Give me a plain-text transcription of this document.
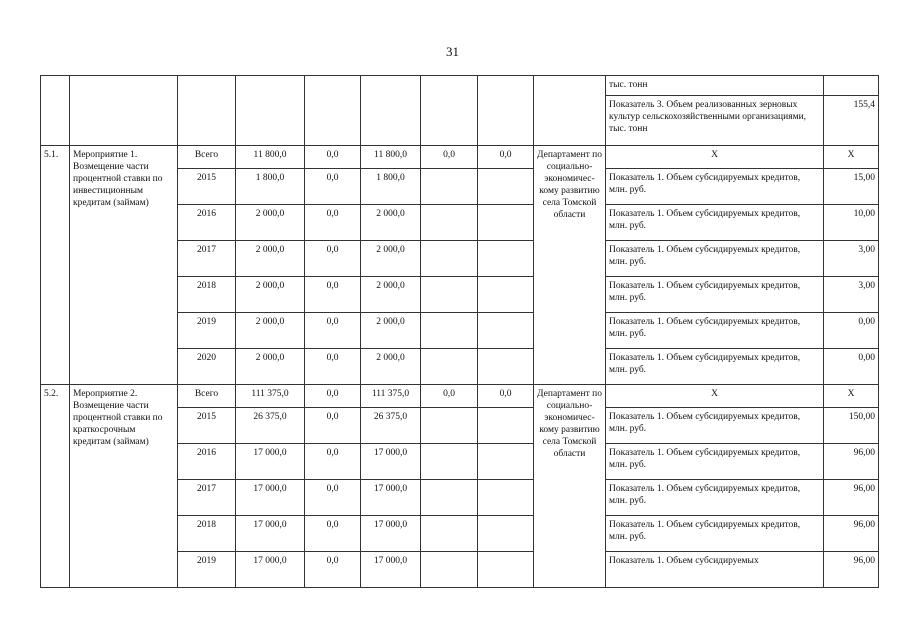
31
									тыс. тонн	
									Показатель 3. Объем реализованных зерновых культур сельскохозяйственными организациями, тыс. тонн	155,4
5.1.	Мероприятие 1. Возмещение части процентной ставки по инвестиционным кредитам (займам)	Всего	11 800,0	0,0	11 800,0	0,0	0,0	Департамент по социально-экономичес-кому развитию села Томской области	Х	Х
		2015	1 800,0	0,0	1 800,0				Показатель 1. Объем субсидируемых кредитов, млн. руб.	15,00
		2016	2 000,0	0,0	2 000,0				Показатель 1. Объем субсидируемых кредитов, млн. руб.	10,00
		2017	2 000,0	0,0	2 000,0				Показатель 1. Объем субсидируемых кредитов, млн. руб.	3,00
		2018	2 000,0	0,0	2 000,0				Показатель 1. Объем субсидируемых кредитов, млн. руб.	3,00
		2019	2 000,0	0,0	2 000,0				Показатель 1. Объем субсидируемых кредитов, млн. руб.	0,00
		2020	2 000,0	0,0	2 000,0				Показатель 1. Объем субсидируемых кредитов, млн. руб.	0,00
5.2.	Мероприятие 2. Возмещение части процентной ставки по краткосрочным кредитам (займам)	Всего	111 375,0	0,0	111 375,0	0,0	0,0	Департамент по социально-экономичес-кому развитию села Томской области	Х	Х
		2015	26 375,0	0,0	26 375,0				Показатель 1. Объем субсидируемых кредитов, млн. руб.	150,00
		2016	17 000,0	0,0	17 000,0				Показатель 1. Объем субсидируемых кредитов, млн. руб.	96,00
		2017	17 000,0	0,0	17 000,0				Показатель 1. Объем субсидируемых кредитов, млн. руб.	96,00
		2018	17 000,0	0,0	17 000,0				Показатель 1. Объем субсидируемых кредитов, млн. руб.	96,00
		2019	17 000,0	0,0	17 000,0				Показатель 1. Объем субсидируемых	96,00
